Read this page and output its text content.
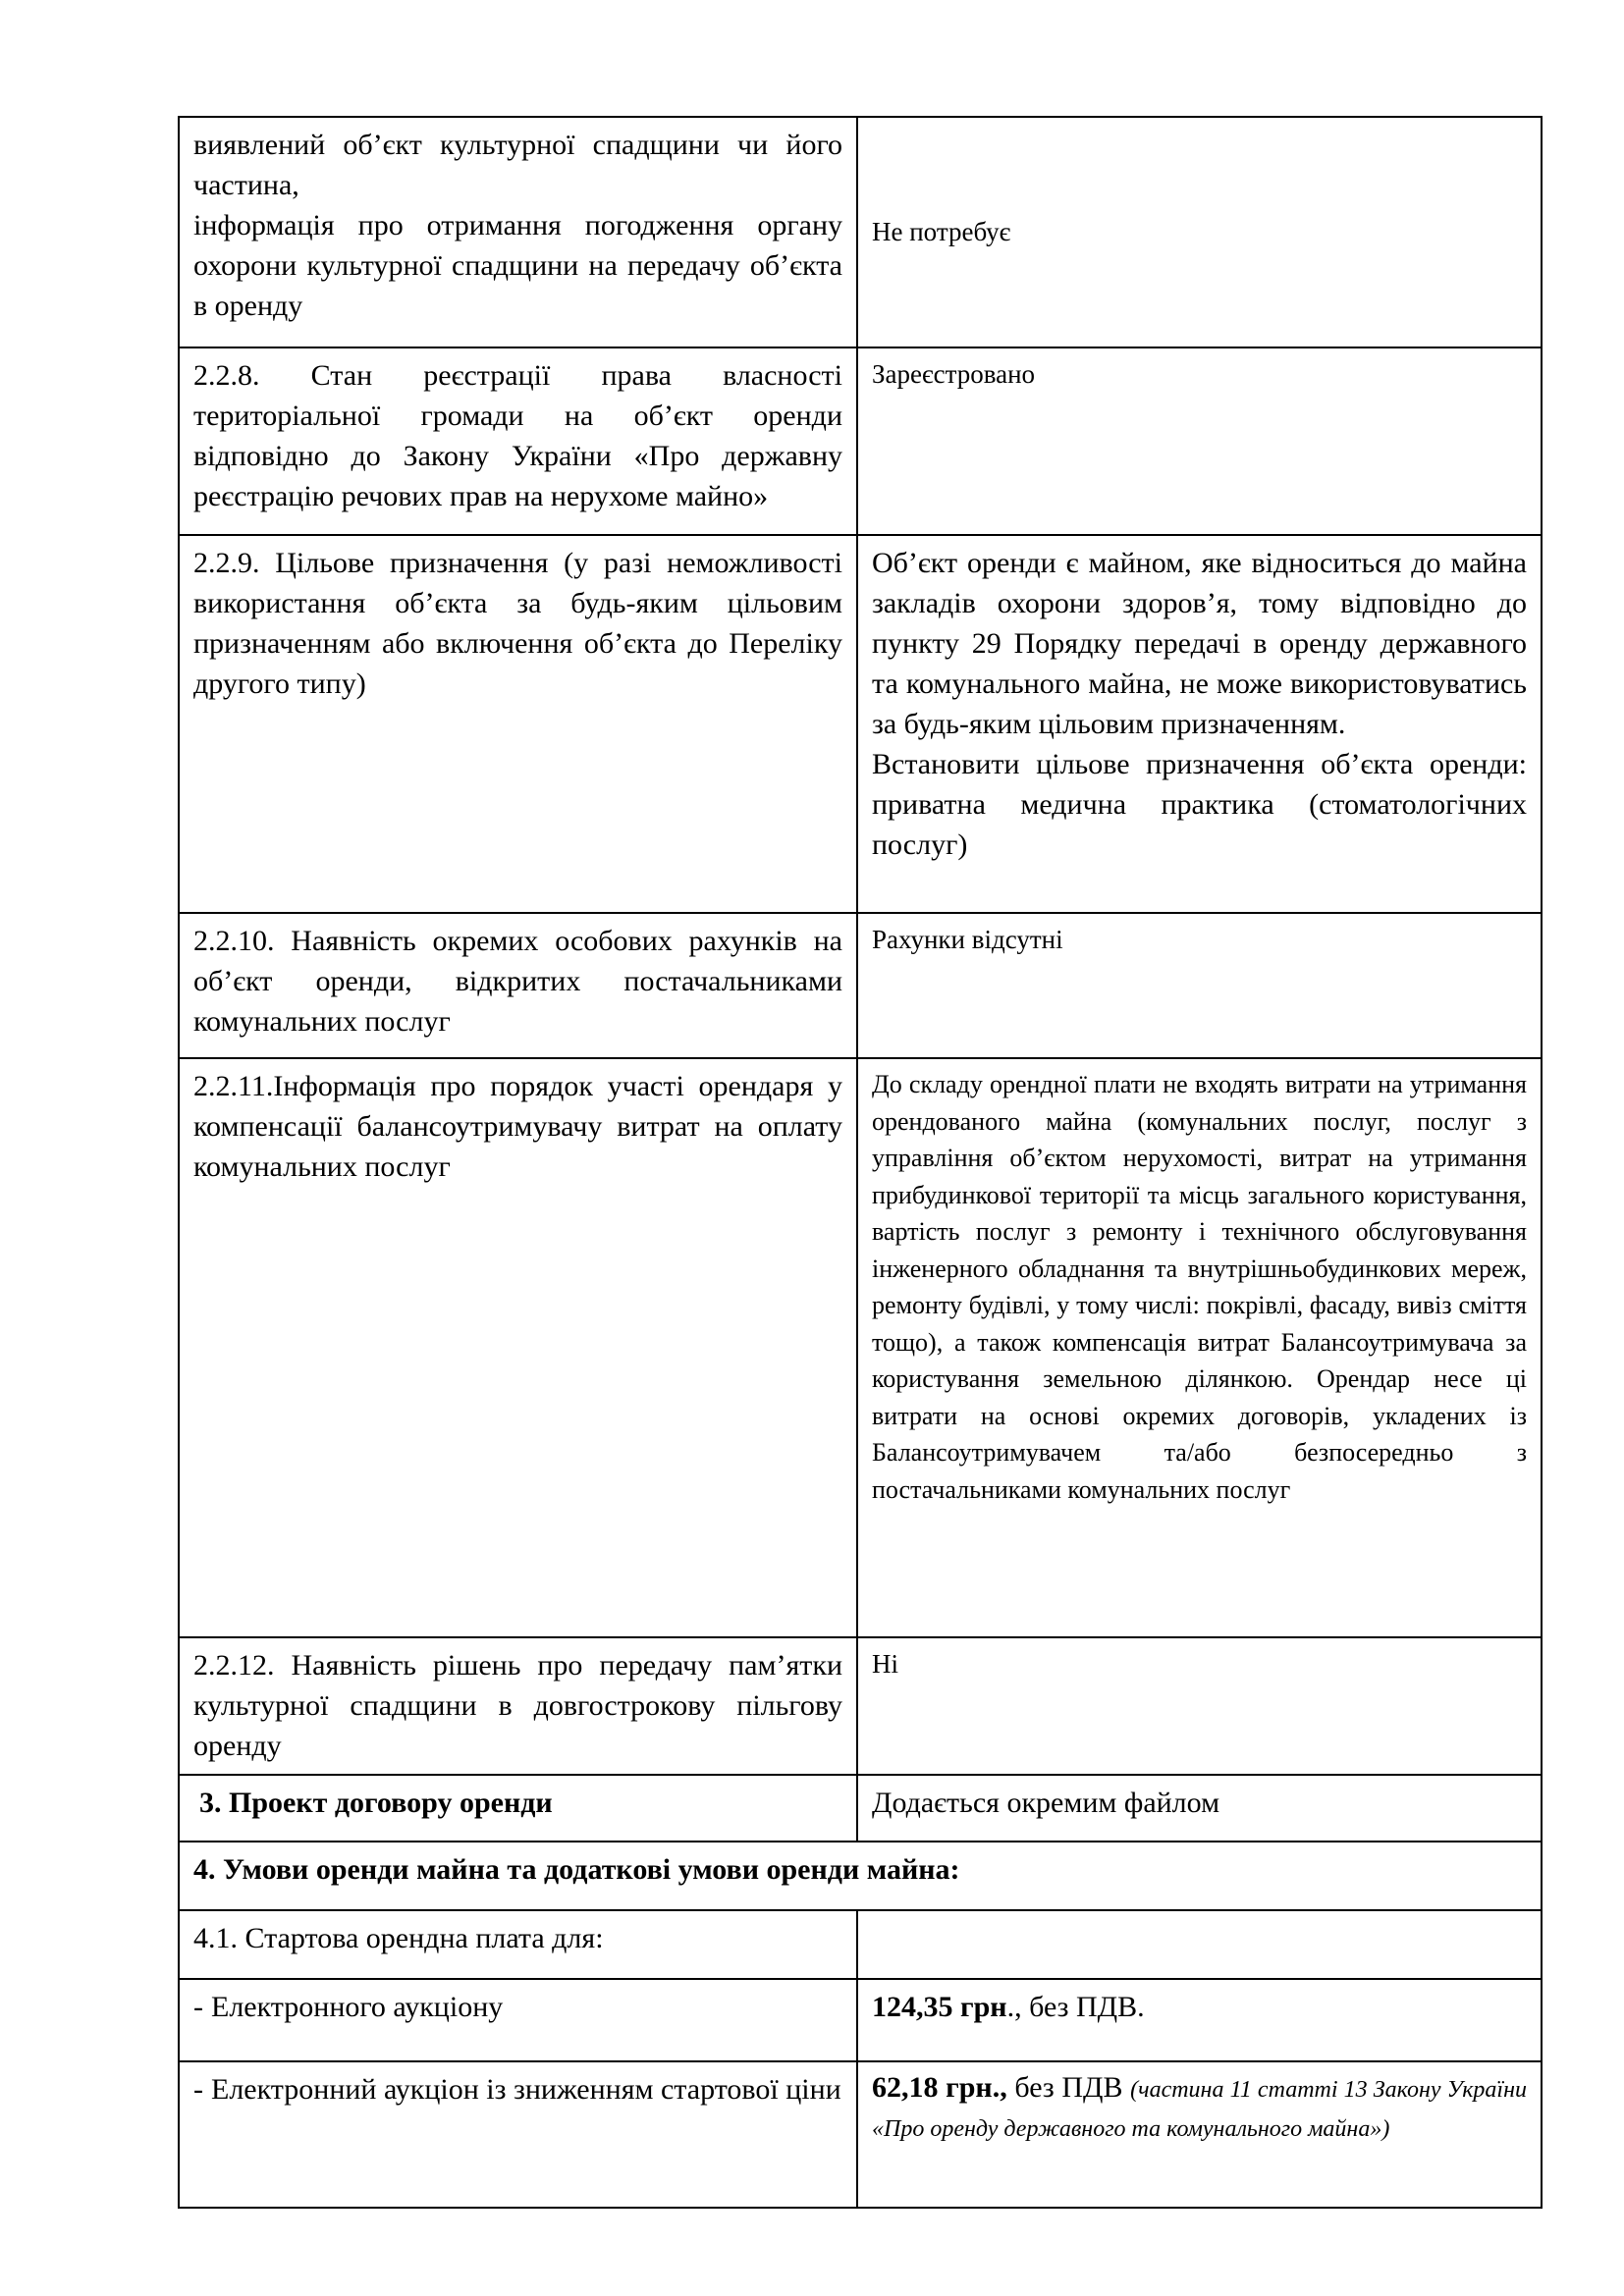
виявлений об’єкт культурної спадщини чи його частина,

інформація про отримання погодження органу охорони культурної спадщини на передачу об’єкта в оренду	Не потребує

2.2.8. Стан реєстрації права власності територіальної громади на об’єкт оренди відповідно до Закону України «Про державну реєстрацію речових прав на нерухоме майно»	Зареєстровано

2.2.9. Цільове призначення (у разі неможливості використання об’єкта за будь-яким цільовим призначенням або включення об’єкта до Переліку другого типу)	Об’єкт оренди є майном, яке відноситься до майна закладів охорони здоров’я, тому відповідно до пункту 29 Порядку передачі в оренду державного та комунального майна, не може використовуватись за будь-яким цільовим призначенням.

Встановити цільове призначення об’єкта оренди: приватна медична практика (стоматологічних послуг)

2.2.10. Наявність окремих особових рахунків на об’єкт оренди, відкритих постачальниками комунальних послуг	Рахунки відсутні

2.2.11.Інформація про порядок участі орендаря у компенсації балансоутримувачу витрат на оплату комунальних послуг	До складу орендної плати не входять витрати на утримання орендованого майна (комунальних послуг, послуг з управління об’єктом нерухомості, витрат на утримання прибудинкової території та місць загального користування, вартість послуг з ремонту і технічного обслуговування інженерного обладнання та внутрішньобудинкових мереж, ремонту будівлі, у тому числі: покрівлі, фасаду, вивіз сміття тощо), а також компенсація витрат Балансоутримувача за користування земельною ділянкою. Орендар несе ці витрати на основі окремих договорів, укладених із Балансоутримувачем та/або безпосередньо з постачальниками комунальних послуг

2.2.12. Наявність рішень про передачу пам’ятки культурної спадщини в довгострокову пільгову оренду	Ні

3. Проект договору оренди	Додається окремим файлом

4. Умови оренди майна та додаткові умови оренди майна:	

4.1. Стартова орендна плата для:	

- Електронного аукціону	124,35 грн., без ПДВ.

- Електронний аукціон із зниженням стартової ціни	62,18 грн., без ПДВ (частина 11 статті 13 Закону України «Про оренду державного та комунального майна»)
